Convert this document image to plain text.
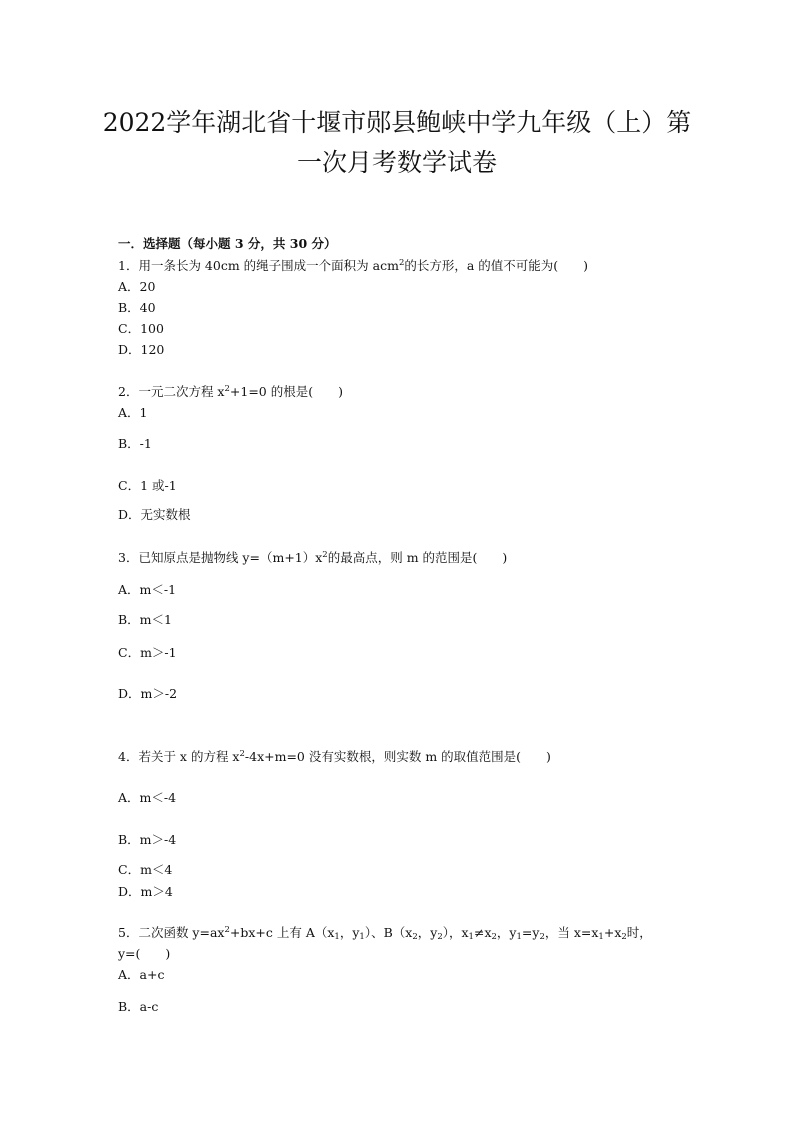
2022学年湖北省十堰市郧县鲍峡中学九年级（上）第
一次月考数学试卷
一．选择题（每小题 3 分，共 30 分）
1．用一条长为 40cm 的绳子围成一个面积为 acm$^2$的长方形，a 的值不可能为(　　)
A．20
B．40
C．100
D．120
2．一元二次方程 $x^2+1=0$ 的根是(　　)
A．1
B．-1
C．1 或-1
D．无实数根
3．已知原点是抛物线 $y=(m+1)x^2$的最高点，则 m 的范围是(　　)
A．m＜-1
B．m＜1
C．m＞-1
D．m＞-2
4．若关于 x 的方程 $x^2-4x+m=0$ 没有实数根，则实数 m 的取值范围是(　　)
A．m＜-4
B．m＞-4
C．m＜4
D．m＞4
5．二次函数 $y=ax^2+bx+c$ 上有 $A(x_1$，$y_1$）、$B(x_2$，$y_2$），$x_1\ne x_2$，$y_1=y_2$，当 $x=x_1+x_2$时，
y=(　　)
A．a+c
B．a-c
